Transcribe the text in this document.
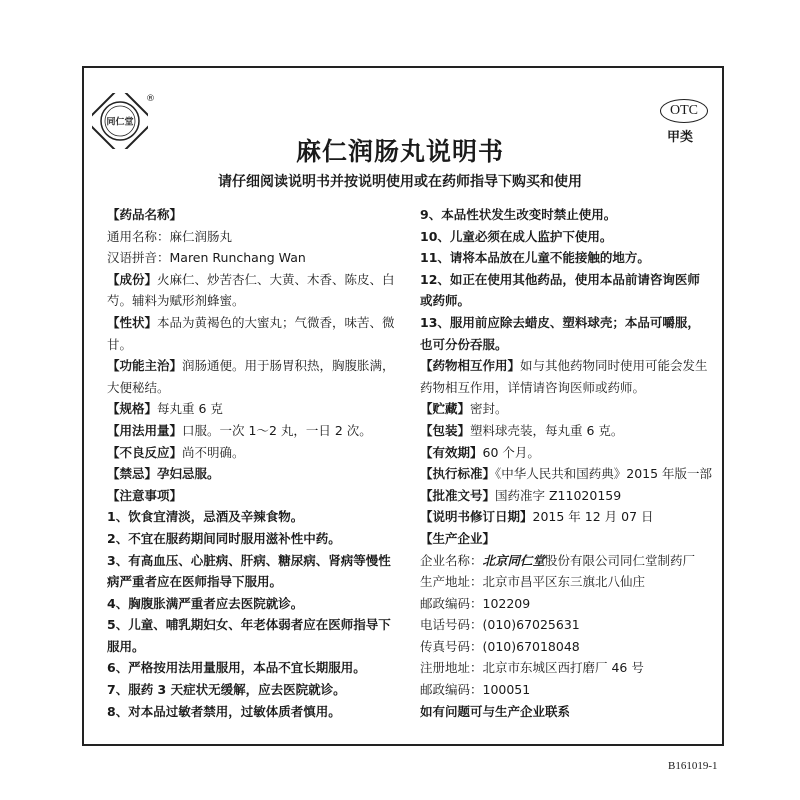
同仁堂
®
OTC
甲类
麻仁润肠丸说明书
请仔细阅读说明书并按说明使用或在药师指导下购买和使用
【药品名称】
通用名称：麻仁润肠丸
汉语拼音：Maren Runchang Wan
【成份】火麻仁、炒苦杏仁、大黄、木香、陈皮、白
芍。辅料为赋形剂蜂蜜。
【性状】本品为黄褐色的大蜜丸；气微香，味苦、微
甘。
【功能主治】润肠通便。用于肠胃积热，胸腹胀满，
大便秘结。
【规格】每丸重 6 克
【用法用量】口服。一次 1～2 丸，一日 2 次。
【不良反应】尚不明确。
【禁忌】孕妇忌服。
【注意事项】
1、饮食宜清淡，忌酒及辛辣食物。
2、不宜在服药期间同时服用滋补性中药。
3、有高血压、心脏病、肝病、糖尿病、肾病等慢性
病严重者应在医师指导下服用。
4、胸腹胀满严重者应去医院就诊。
5、儿童、哺乳期妇女、年老体弱者应在医师指导下
服用。
6、严格按用法用量服用，本品不宜长期服用。
7、服药 3 天症状无缓解，应去医院就诊。
8、对本品过敏者禁用，过敏体质者慎用。
9、本品性状发生改变时禁止使用。
10、儿童必须在成人监护下使用。
11、请将本品放在儿童不能接触的地方。
12、如正在使用其他药品，使用本品前请咨询医师
或药师。
13、服用前应除去蜡皮、塑料球壳；本品可嚼服，
也可分份吞服。
【药物相互作用】如与其他药物同时使用可能会发生
药物相互作用，详情请咨询医师或药师。
【贮藏】密封。
【包装】塑料球壳装，每丸重 6 克。
【有效期】60 个月。
【执行标准】《中华人民共和国药典》2015 年版一部
【批准文号】国药准字 Z11020159
【说明书修订日期】2015 年 12 月 07 日
【生产企业】
企业名称：北京同仁堂股份有限公司同仁堂制药厂
生产地址：北京市昌平区东三旗北八仙庄
邮政编码：102209
电话号码：(010)67025631
传真号码：(010)67018048
注册地址：北京市东城区西打磨厂 46 号
邮政编码：100051
如有问题可与生产企业联系
B161019-1
